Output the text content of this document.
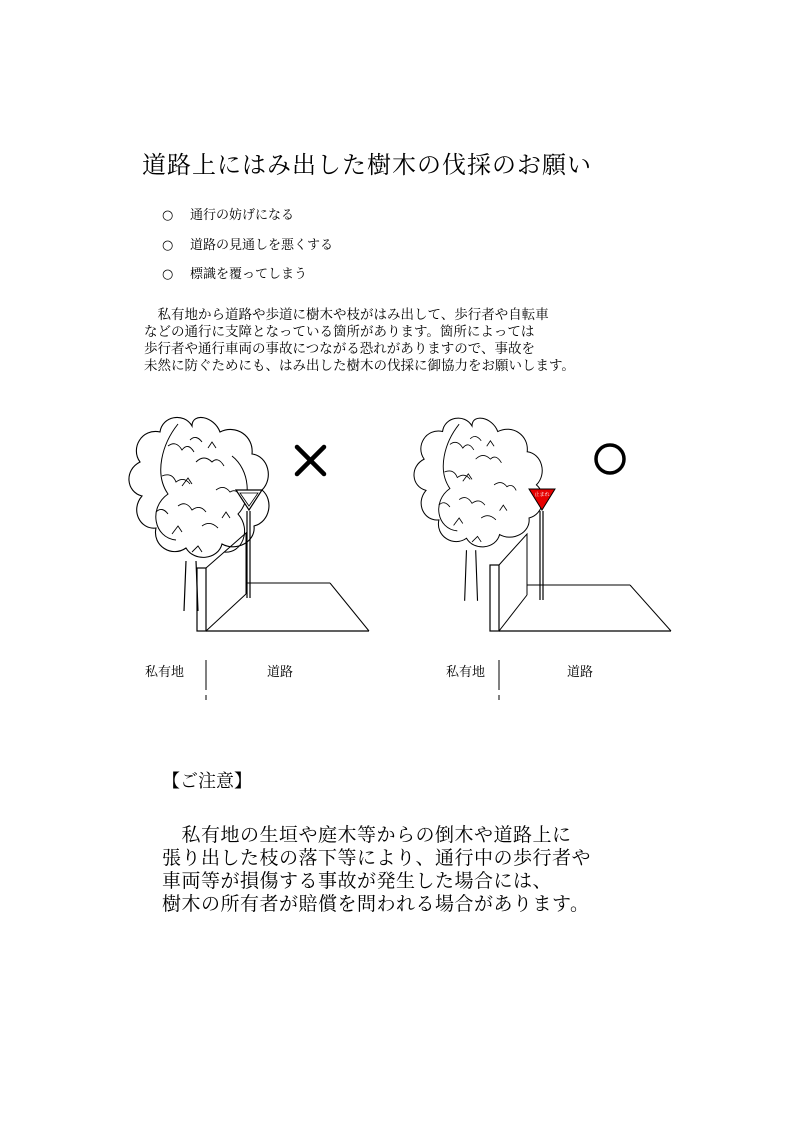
道路上にはみ出した樹木の伐採のお願い
○ 通行の妨げになる
○ 道路の見通しを悪くする
○ 標識を覆ってしまう

　私有地から道路や歩道に樹木や枝がはみ出して、歩行者や自転車

などの通行に支障となっている箇所があります。箇所によっては

歩行者や通行車両の事故につながる恐れがありますので、事故を

未然に防ぐためにも、はみ出した樹木の伐採に御協力をお願いします。

止まれ
私有地	道路	私有地	道路
【ご注意】

　私有地の生垣や庭木等からの倒木や道路上に

張り出した枝の落下等により、通行中の歩行者や

車両等が損傷する事故が発生した場合には、

樹木の所有者が賠償を問われる場合があります。
